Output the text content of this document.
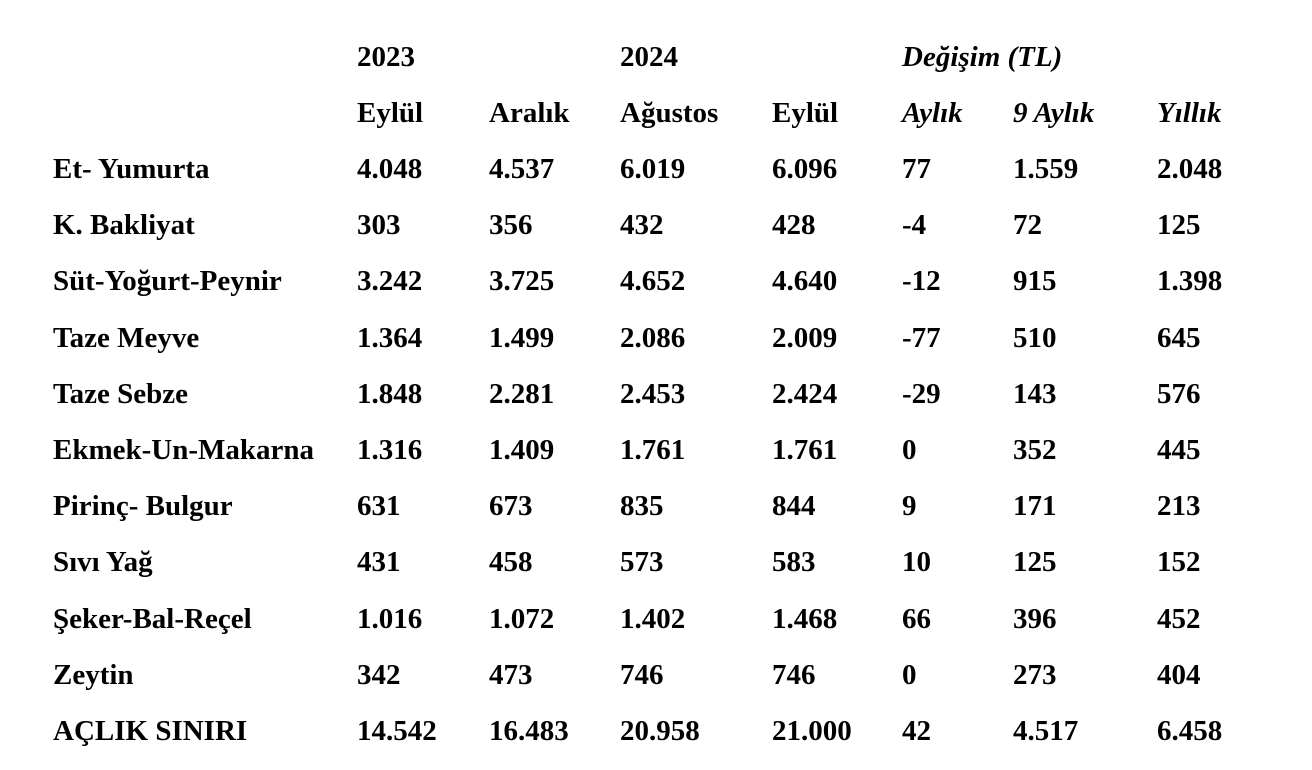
2023	2024	Değişim (TL)
Eylül Aralık Ağustos Eylül Aylık 9 Aylık Yıllık
Et- Yumurta	4.048 4.537 6.019	6.096 77	1.559	2.048
K. Bakliyat	303	356	432	428	-4	72	125
Süt-Yoğurt-Peynir	3.242 3.725 4.652	4.640 -12 915	1.398
Taze Meyve	1.364 1.499 2.086	2.009 -77 510	645
Taze Sebze	1.848 2.281 2.453	2.424 -29 143	576
Ekmek-Un-Makarna 1.316 1.409 1.761	1.761 0	352	445
Pirinç- Bulgur	631	673	835	844	9	171	213
Sıvı Yağ	431	458	573	583	10	125	152
Şeker-Bal-Reçel	1.016 1.072 1.402	1.468 66	396	452
Zeytin	342	473	746	746	0	273	404
AÇLIK SINIRI	14.542 16.483 20.958 21.000 42	4.517	6.458
